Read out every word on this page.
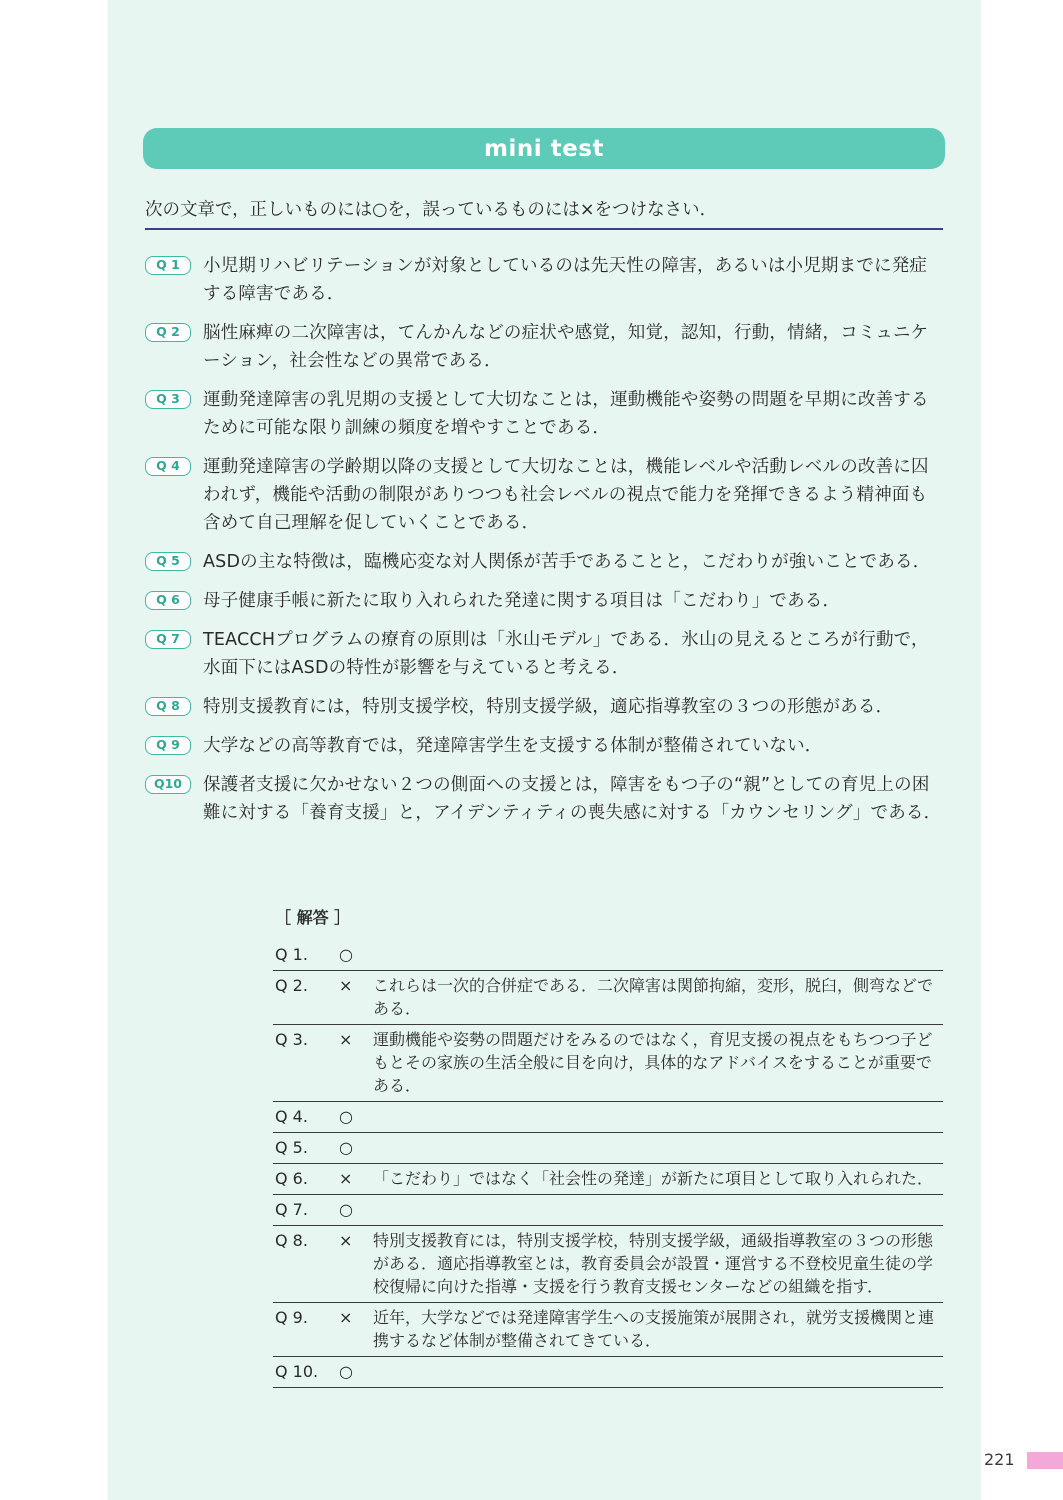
mini test
次の文章で，正しいものには○を，誤っているものには×をつけなさい．
Q 1	小児期リハビリテーションが対象としているのは先天性の障害，あるいは小児期までに発症する障害である．
Q 2	脳性麻痺の二次障害は，てんかんなどの症状や感覚，知覚，認知，行動，情緒，コミュニケーション，社会性などの異常である．
Q 3	運動発達障害の乳児期の支援として大切なことは，運動機能や姿勢の問題を早期に改善するために可能な限り訓練の頻度を増やすことである．
Q 4	運動発達障害の学齢期以降の支援として大切なことは，機能レベルや活動レベルの改善に囚われず，機能や活動の制限がありつつも社会レベルの視点で能力を発揮できるよう精神面も含めて自己理解を促していくことである．
Q 5	ASDの主な特徴は，臨機応変な対人関係が苦手であることと，こだわりが強いことである．
Q 6	母子健康手帳に新たに取り入れられた発達に関する項目は「こだわり」である．
Q 7	TEACCHプログラムの療育の原則は「氷山モデル」である．氷山の見えるところが行動で，水面下にはASDの特性が影響を与えていると考える．
Q 8	特別支援教育には，特別支援学校，特別支援学級，適応指導教室の３つの形態がある．
Q 9	大学などの高等教育では，発達障害学生を支援する体制が整備されていない．
Q10	保護者支援に欠かせない２つの側面への支援とは，障害をもつ子の“親”としての育児上の困難に対する「養育支援」と，アイデンティティの喪失感に対する「カウンセリング」である．
［ 解答 ］
Q 1.	○
Q 2.	×	これらは一次的合併症である．二次障害は関節拘縮，変形，脱臼，側弯などである．
Q 3.	×	運動機能や姿勢の問題だけをみるのではなく，育児支援の視点をもちつつ子どもとその家族の生活全般に目を向け，具体的なアドバイスをすることが重要である．
Q 4.	○
Q 5.	○
Q 6.	×	「こだわり」ではなく「社会性の発達」が新たに項目として取り入れられた．
Q 7.	○
Q 8.	×	特別支援教育には，特別支援学校，特別支援学級，通級指導教室の３つの形態がある．適応指導教室とは，教育委員会が設置・運営する不登校児童生徒の学校復帰に向けた指導・支援を行う教育支援センターなどの組織を指す．
Q 9.	×	近年，大学などでは発達障害学生への支援施策が展開され，就労支援機関と連携するなど体制が整備されてきている．
Q 10.	○
221
